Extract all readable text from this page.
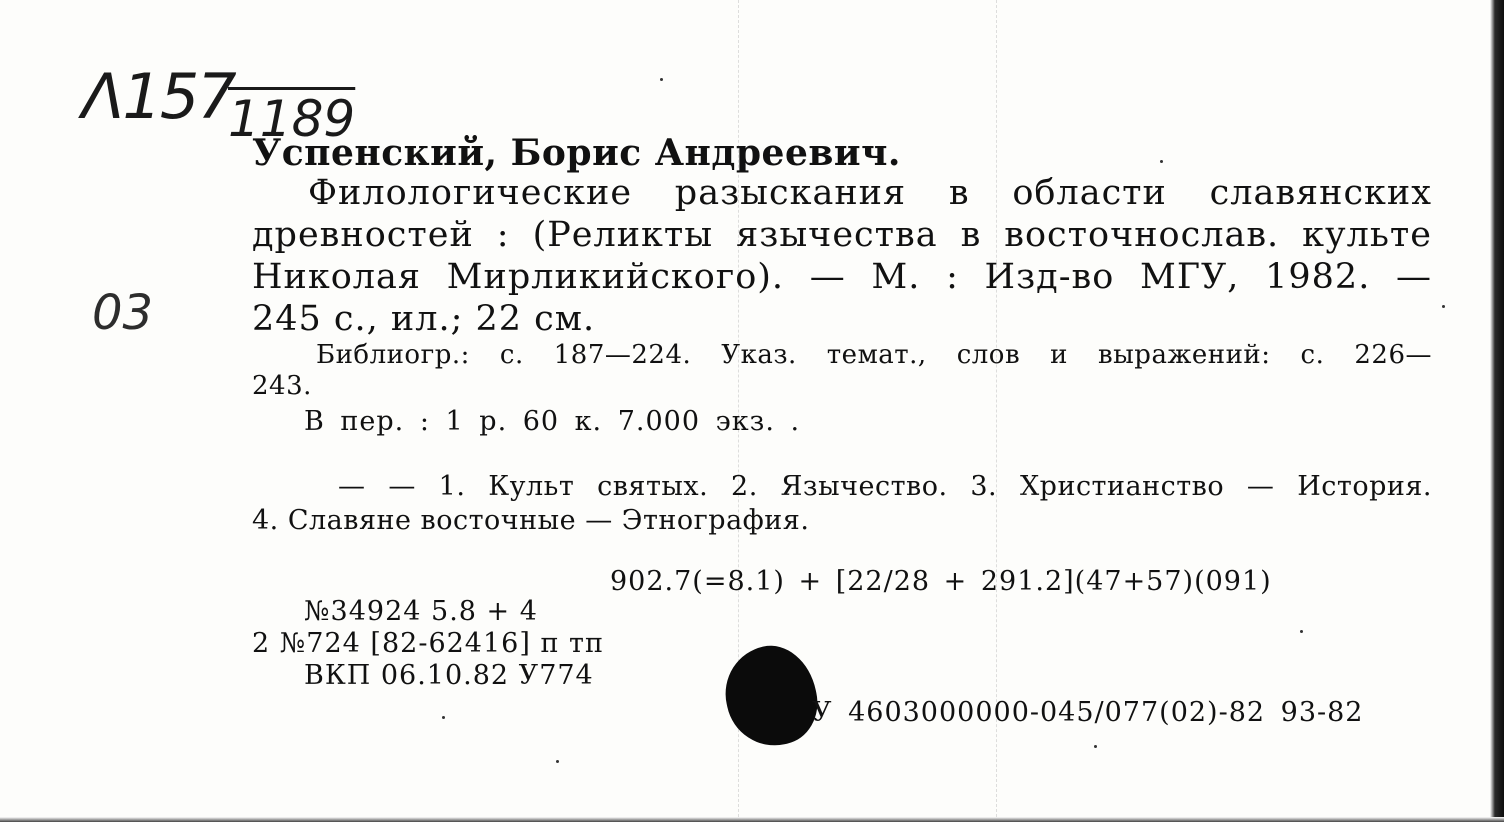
Λ157
1189
03
Успенский, Борис Андреевич.

Филологические разыскания в области славянских

древностей : (Реликты язычества в восточнослав. культе

Николая Мирликийского). — М. : Изд-во МГУ, 1982. —

245 с., ил.; 22 см.

Библиогр.: с. 187—224. Указ. темат., слов и выражений: с. 226—

243.

В пер. : 1 р. 60 к. 7.000 экз. .

— — 1. Культ святых. 2. Язычество. 3. Христианство — История.

4. Славяне восточные — Этнография.

902.7(=8.1) + [22/28 + 291.2](47+57)(091)
№34924 5.8 + 4
2 №724 [82-62416] п тп
ВКП 06.10.82 У774
У 4603000000-045/077(02)-82 93-82
